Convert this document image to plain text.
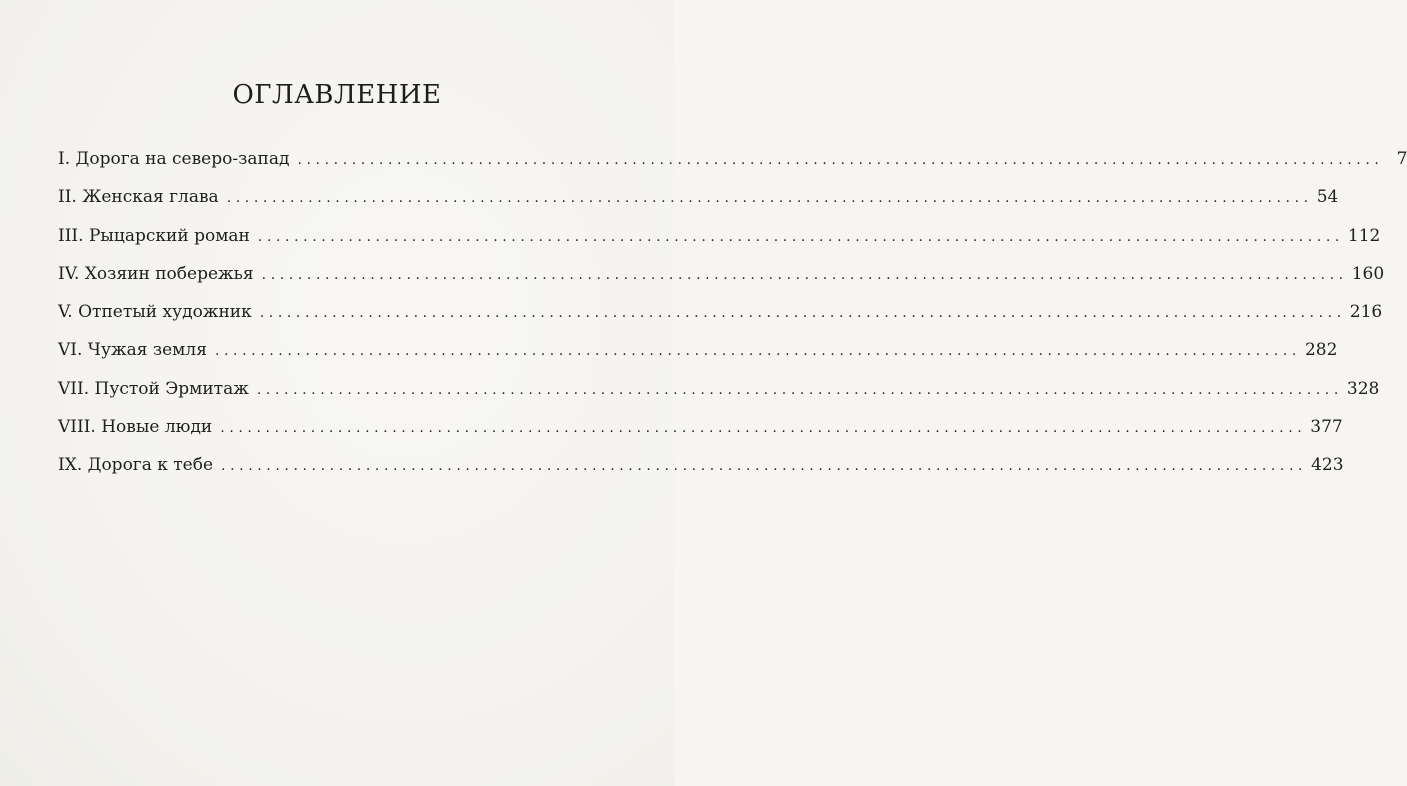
ОГЛАВЛЕНИЕ
I. Дорога на северо-запад ........................................................................................................................ 7
II. Женская глава ........................................................................................................................ 54
III. Рыцарский роман ........................................................................................................................ 112
IV. Хозяин побережья ........................................................................................................................ 160
V. Отпетый художник ........................................................................................................................ 216
VI. Чужая земля ........................................................................................................................ 282
VII. Пустой Эрмитаж ........................................................................................................................ 328
VIII. Новые люди ........................................................................................................................ 377
IX. Дорога к тебе ........................................................................................................................ 423
